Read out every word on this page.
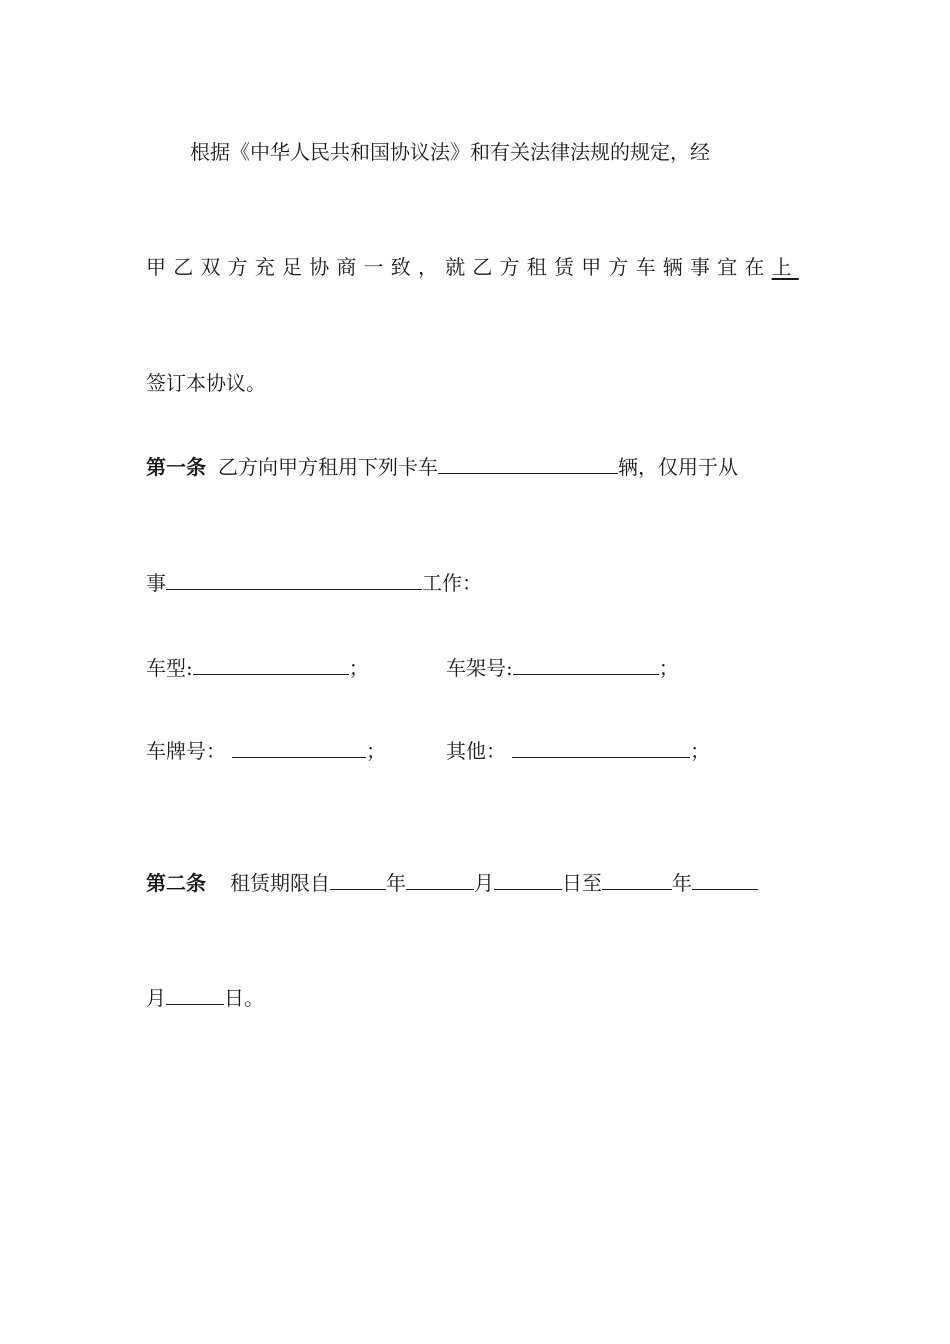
根据《中华人民共和国协议法》和有关法律法规的规定，经
甲乙双方充足协商一致，就乙方租赁甲方车辆事宜在上
签订本协议。
第一条 乙方向甲方租用下列卡车	辆，仅用于从
事	工作：
车型:	；	车架号:	；
车牌号：	；	其他：	；
第二条 租赁期限自	年	月	日至	年
月	日。
